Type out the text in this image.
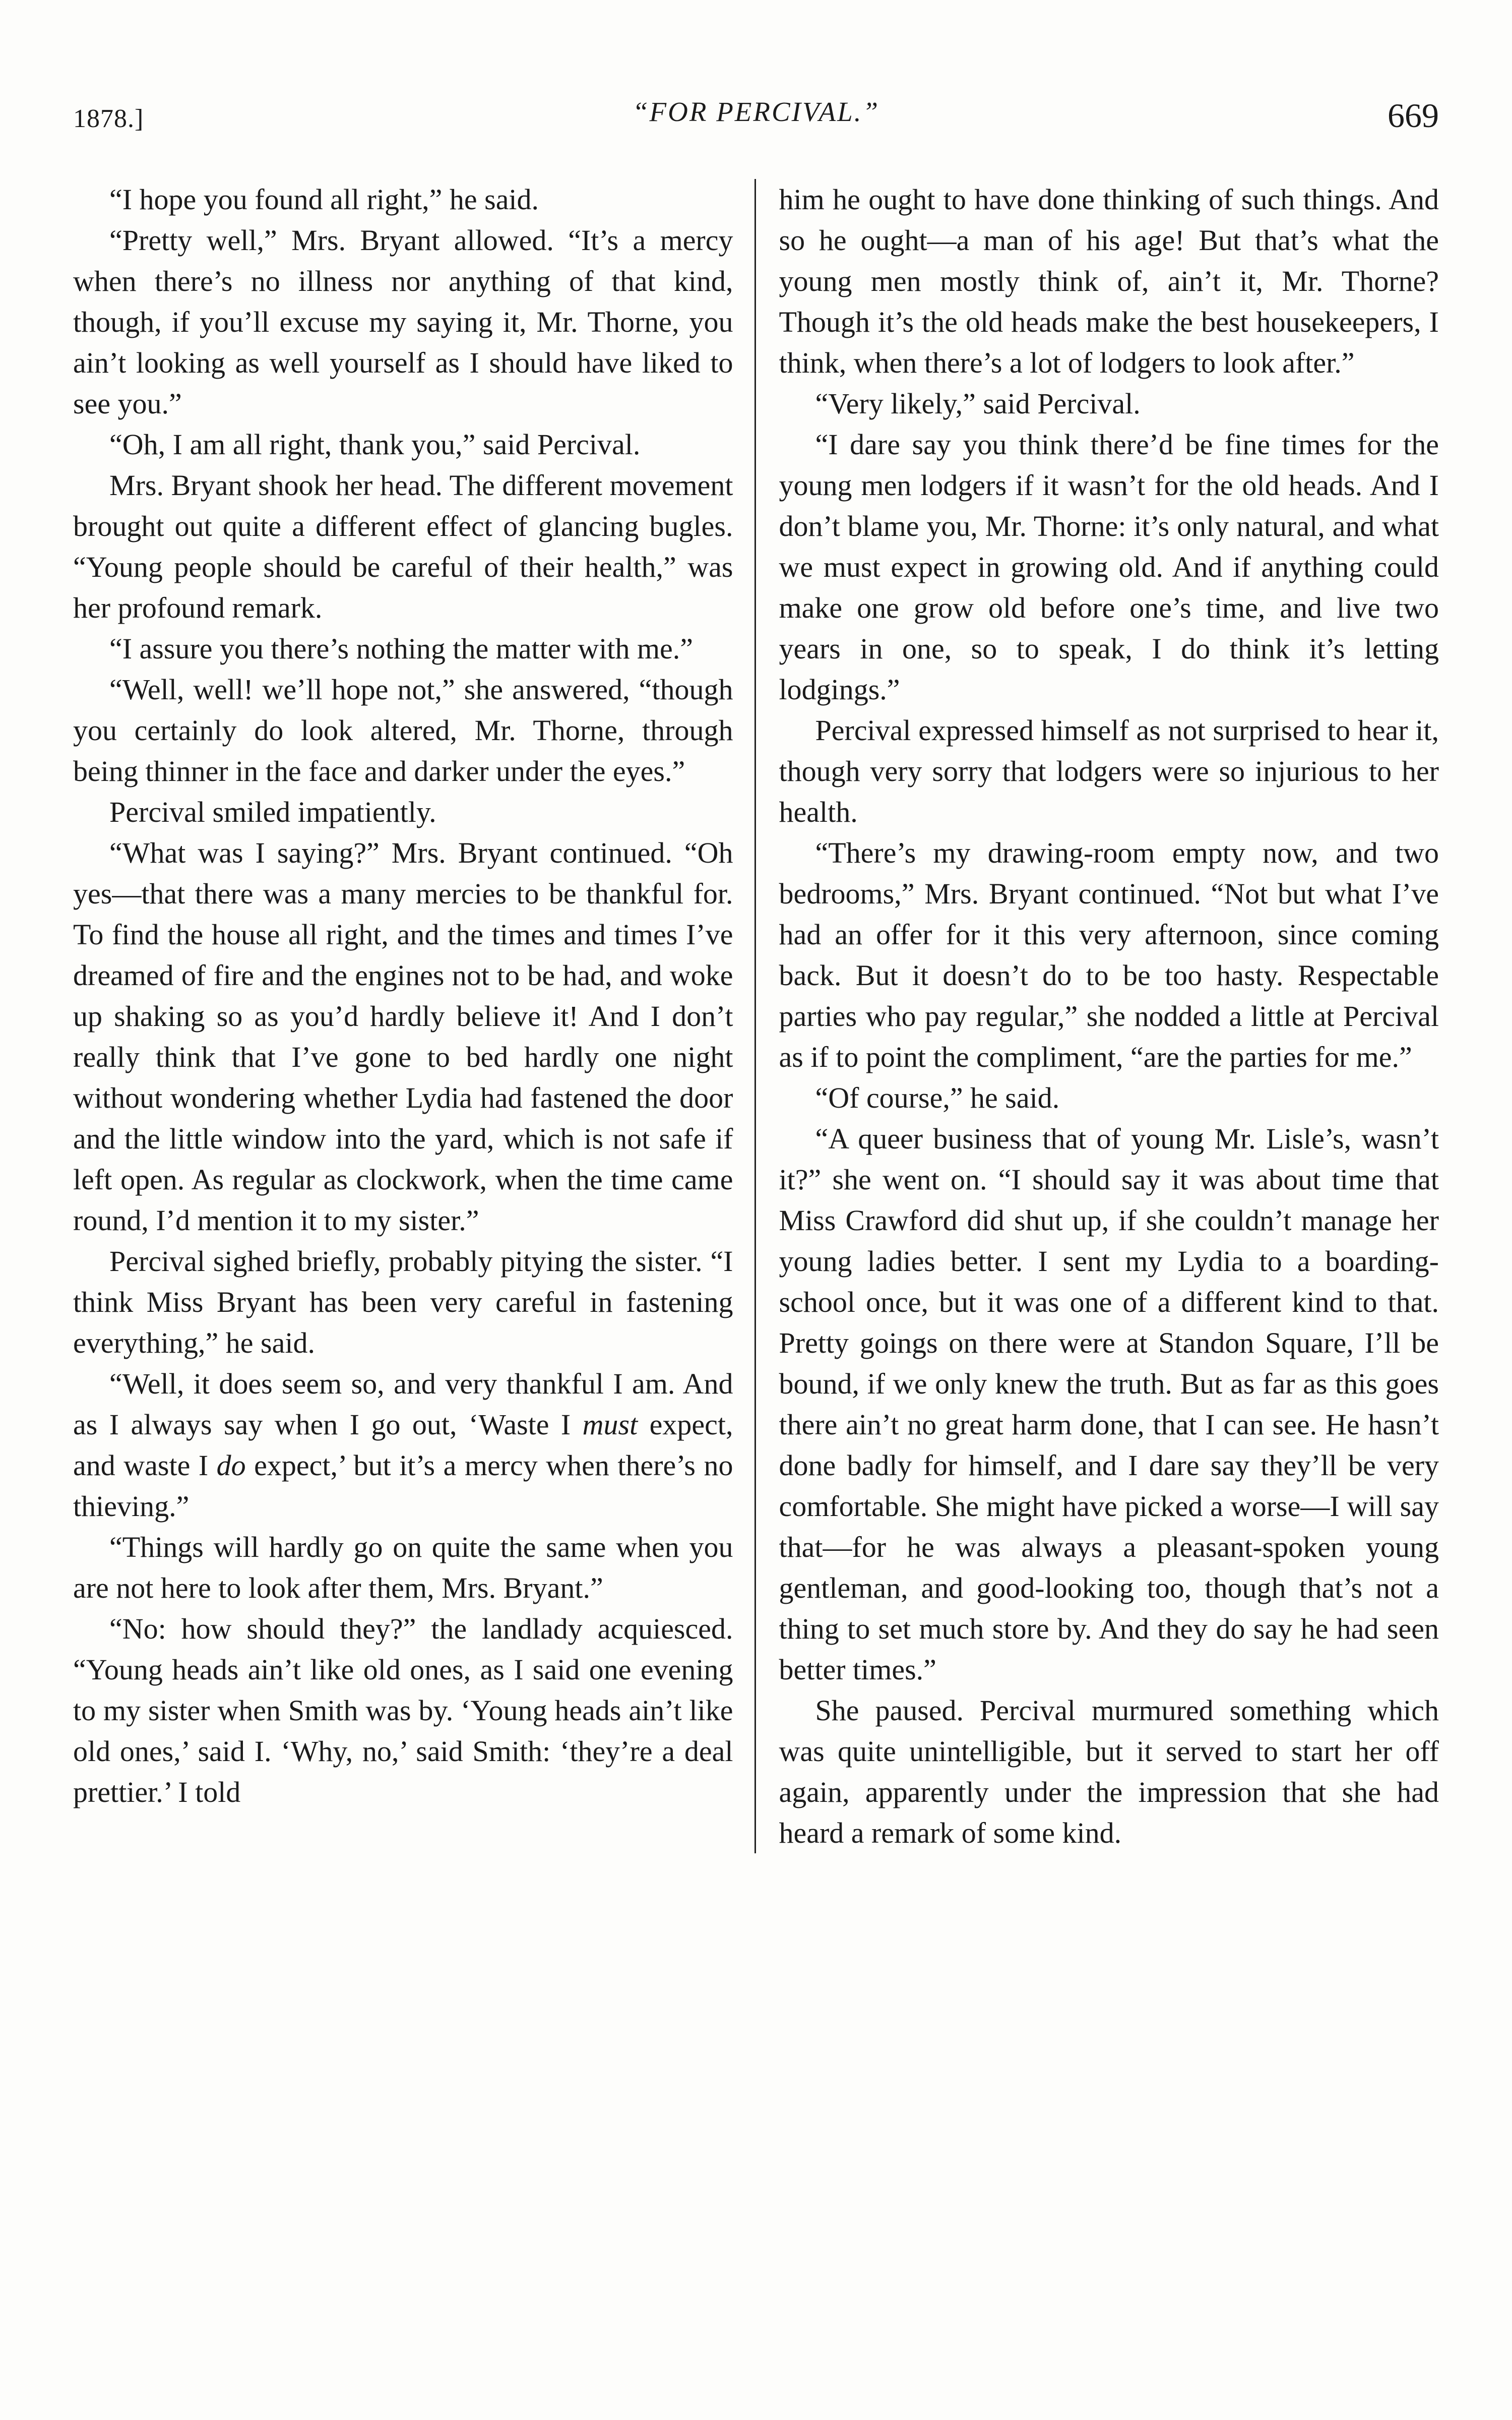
1878.]	“FOR PERCIVAL.”	669

“I hope you found all right,” he said.

“Pretty well,” Mrs. Bryant allowed. “It’s a mercy when there’s no illness nor anything of that kind, though, if you’ll excuse my saying it, Mr. Thorne, you ain’t looking as well yourself as I should have liked to see you.”

“Oh, I am all right, thank you,” said Percival.

Mrs. Bryant shook her head. The different movement brought out quite a different effect of glancing bugles. “Young people should be careful of their health,” was her profound remark.

“I assure you there’s nothing the matter with me.”

“Well, well! we’ll hope not,” she answered, “though you certainly do look altered, Mr. Thorne, through being thinner in the face and darker under the eyes.”

Percival smiled impatiently.

“What was I saying?” Mrs. Bryant continued. “Oh yes—that there was a many mercies to be thankful for. To find the house all right, and the times and times I’ve dreamed of fire and the engines not to be had, and woke up shaking so as you’d hardly believe it! And I don’t really think that I’ve gone to bed hardly one night without wondering whether Lydia had fastened the door and the little window into the yard, which is not safe if left open. As regular as clockwork, when the time came round, I’d mention it to my sister.”

Percival sighed briefly, probably pitying the sister. “I think Miss Bryant has been very careful in fastening everything,” he said.

“Well, it does seem so, and very thankful I am. And as I always say when I go out, ‘Waste I must expect, and waste I do expect,’ but it’s a mercy when there’s no thieving.”

“Things will hardly go on quite the same when you are not here to look after them, Mrs. Bryant.”

“No: how should they?” the landlady acquiesced. “Young heads ain’t like old ones, as I said one evening to my sister when Smith was by. ‘Young heads ain’t like old ones,’ said I. ‘Why, no,’ said Smith: ‘they’re a deal prettier.’ I told

him he ought to have done thinking of such things. And so he ought—a man of his age! But that’s what the young men mostly think of, ain’t it, Mr. Thorne? Though it’s the old heads make the best housekeepers, I think, when there’s a lot of lodgers to look after.”

“Very likely,” said Percival.

“I dare say you think there’d be fine times for the young men lodgers if it wasn’t for the old heads. And I don’t blame you, Mr. Thorne: it’s only natural, and what we must expect in growing old. And if anything could make one grow old before one’s time, and live two years in one, so to speak, I do think it’s letting lodgings.”

Percival expressed himself as not surprised to hear it, though very sorry that lodgers were so injurious to her health.

“There’s my drawing-room empty now, and two bedrooms,” Mrs. Bryant continued. “Not but what I’ve had an offer for it this very afternoon, since coming back. But it doesn’t do to be too hasty. Respectable parties who pay regular,” she nodded a little at Percival as if to point the compliment, “are the parties for me.”

“Of course,” he said.

“A queer business that of young Mr. Lisle’s, wasn’t it?” she went on. “I should say it was about time that Miss Crawford did shut up, if she couldn’t manage her young ladies better. I sent my Lydia to a boarding-school once, but it was one of a different kind to that. Pretty goings on there were at Standon Square, I’ll be bound, if we only knew the truth. But as far as this goes there ain’t no great harm done, that I can see. He hasn’t done badly for himself, and I dare say they’ll be very comfortable. She might have picked a worse—I will say that—for he was always a pleasant-spoken young gentleman, and good-looking too, though that’s not a thing to set much store by. And they do say he had seen better times.”

She paused. Percival murmured something which was quite unintelligible, but it served to start her off again, apparently under the impression that she had heard a remark of some kind.
